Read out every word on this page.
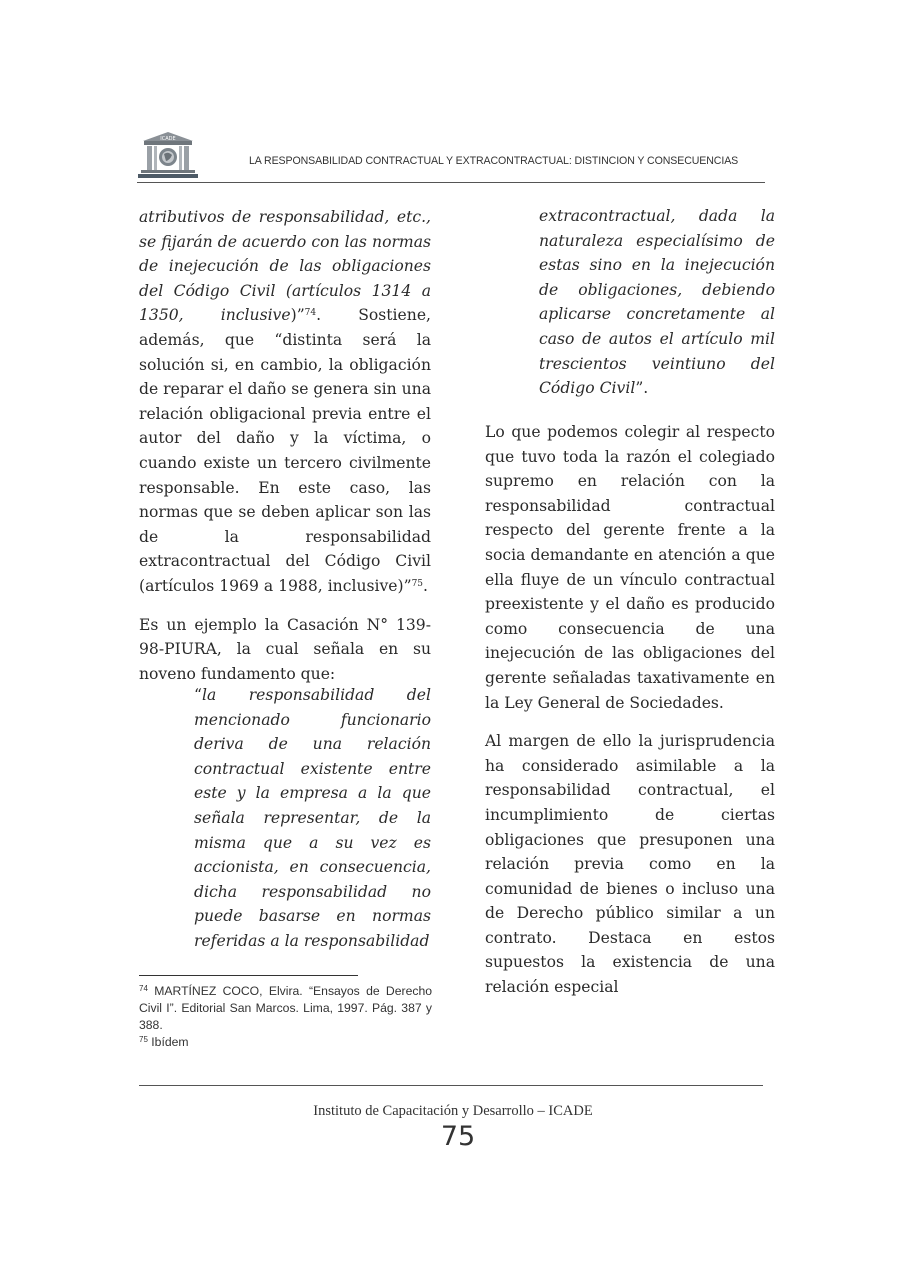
ICADE
LA RESPONSABILIDAD CONTRACTUAL Y EXTRACONTRACTUAL: DISTINCION Y CONSECUENCIAS

atributivos de responsabilidad, etc., se fijarán de acuerdo con las normas de inejecución de las obligaciones del Código Civil (artículos 1314 a 1350, inclusive)”$^{74}$. Sostiene, además, que “distinta será la solución si, en cambio, la obligación de reparar el daño se genera sin una relación obligacional previa entre el autor del daño y la víctima, o cuando existe un tercero civilmente responsable. En este caso, las normas que se deben aplicar son las de la responsabilidad extracontractual del Código Civil (artículos 1969 a 1988, inclusive)”$^{75}$.

Es un ejemplo la Casación N° 139-98-PIURA, la cual señala en su noveno fundamento que:

“la responsabilidad del mencionado funcionario deriva de una relación contractual existente entre este y la empresa a la que señala representar, de la misma que a su vez es accionista, en consecuencia, dicha responsabilidad no puede basarse en normas referidas a la responsabilidad

extracontractual, dada la naturaleza especialísimo de estas sino en la inejecución de obligaciones, debiendo aplicarse concretamente al caso de autos el artículo mil trescientos veintiuno del Código Civil”.

Lo que podemos colegir al respecto que tuvo toda la razón el colegiado supremo en relación con la responsabilidad contractual respecto del gerente frente a la socia demandante en atención a que ella fluye de un vínculo contractual preexistente y el daño es producido como consecuencia de una inejecución de las obligaciones del gerente señaladas taxativamente en la Ley General de Sociedades.

Al margen de ello la jurisprudencia ha considerado asimilable a la responsabilidad contractual, el incumplimiento de ciertas obligaciones que presuponen una relación previa como en la comunidad de bienes o incluso una de Derecho público similar a un contrato. Destaca en estos supuestos la existencia de una relación especial

$^{74}$ MARTÍNEZ COCO, Elvira. “Ensayos de Derecho Civil I”. Editorial San Marcos. Lima, 1997. Pág. 387 y 388.
$^{75}$ Ibídem
Instituto de Capacitación y Desarrollo – ICADE
75
